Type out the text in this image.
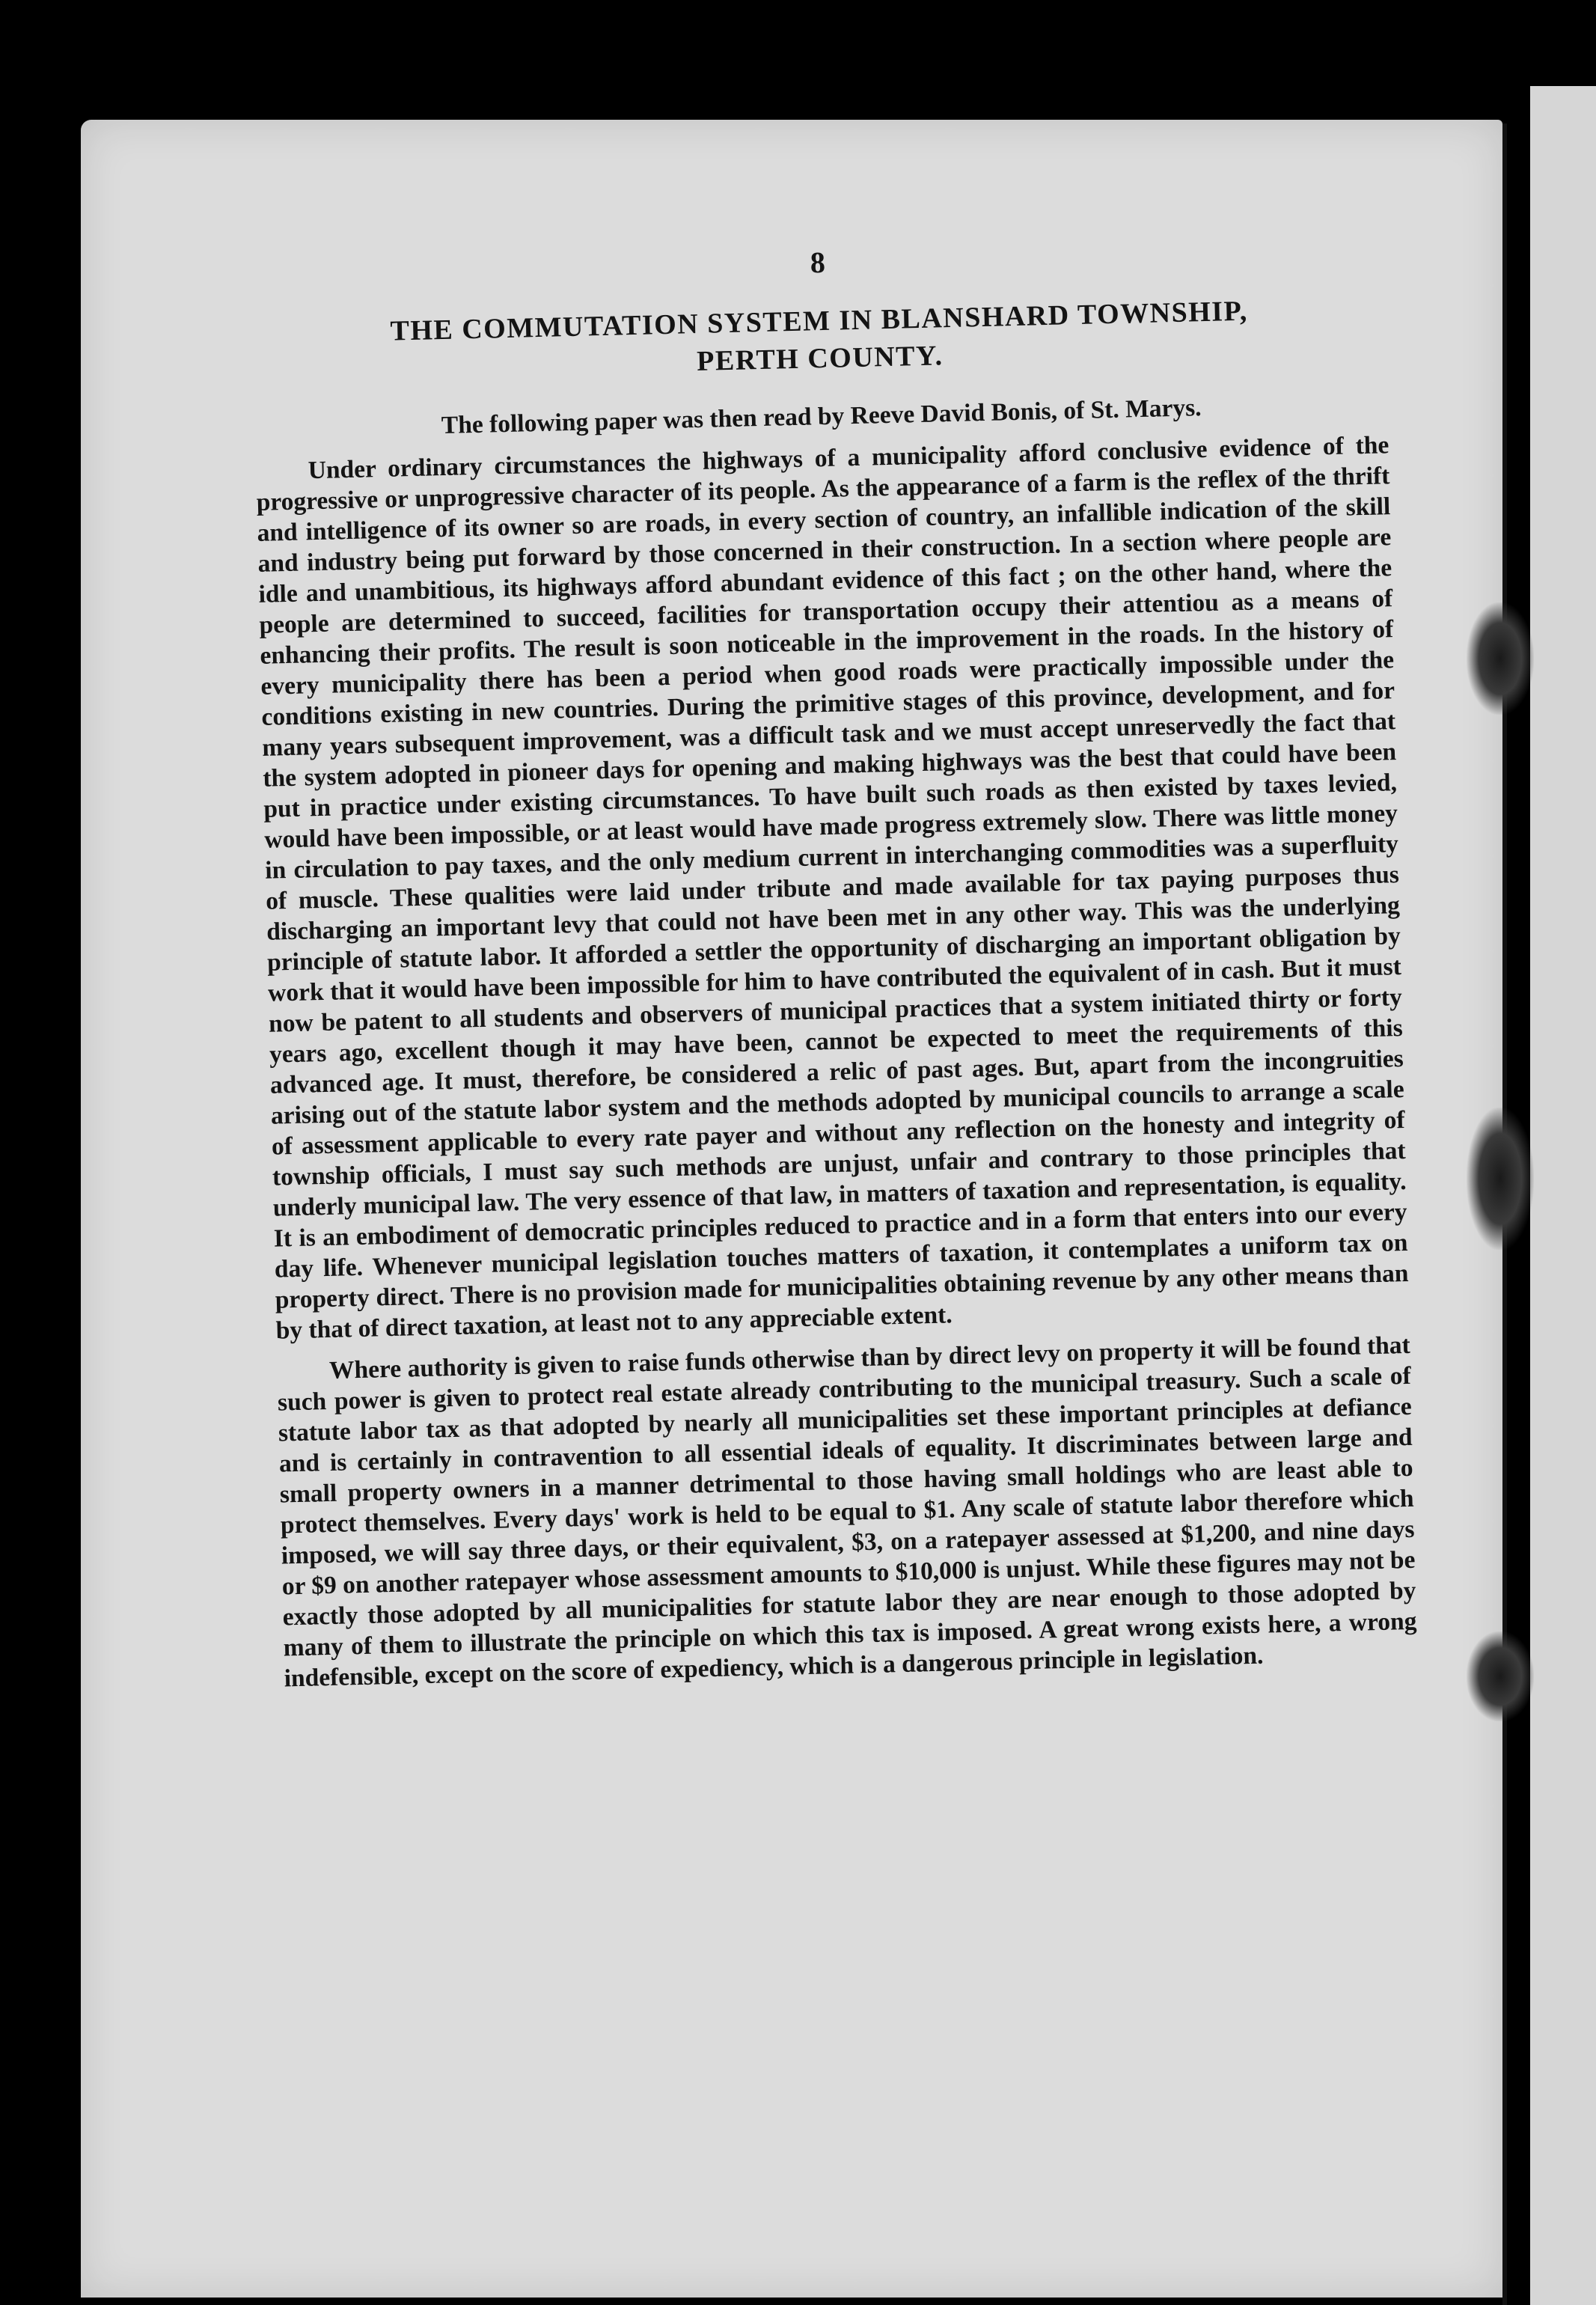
8

THE COMMUTATION SYSTEM IN BLANSHARD TOWNSHIP,

PERTH COUNTY.

The following paper was then read by Reeve David Bonis, of St. Marys.

Under ordinary circumstances the highways of a municipality afford conclusive evidence of the progressive or unprogressive character of its people. As the appearance of a farm is the reflex of the thrift and intelligence of its owner so are roads, in every section of country, an infallible indication of the skill and industry being put forward by those concerned in their construction. In a section where people are idle and unambitious, its highways afford abundant evidence of this fact ; on the other hand, where the people are determined to succeed, facilities for transportation occupy their attentiou as a means of enhancing their profits. The result is soon noticeable in the improvement in the roads. In the history of every municipality there has been a period when good roads were practically impossible under the conditions existing in new countries. During the primitive stages of this province, development, and for many years subsequent improvement, was a difficult task and we must accept unreservedly the fact that the system adopted in pioneer days for opening and making highways was the best that could have been put in practice under existing circumstances. To have built such roads as then existed by taxes levied, would have been impossible, or at least would have made progress extremely slow. There was little money in circulation to pay taxes, and the only medium current in interchanging commodities was a superfluity of muscle. These qualities were laid under tribute and made available for tax paying purposes thus discharging an important levy that could not have been met in any other way. This was the underlying principle of statute labor. It afforded a settler the opportunity of discharging an important obligation by work that it would have been impossible for him to have contributed the equivalent of in cash. But it must now be patent to all students and observers of municipal practices that a system initiated thirty or forty years ago, excellent though it may have been, cannot be expected to meet the requirements of this advanced age. It must, therefore, be considered a relic of past ages. But, apart from the incongruities arising out of the statute labor system and the methods adopted by municipal councils to arrange a scale of assessment applicable to every rate payer and without any reflection on the honesty and integrity of township officials, I must say such methods are unjust, unfair and contrary to those principles that underly municipal law. The very essence of that law, in matters of taxation and representation, is equality. It is an embodiment of democratic principles reduced to practice and in a form that enters into our every day life. Whenever municipal legislation touches matters of taxation, it contemplates a uniform tax on property direct. There is no provision made for municipalities obtaining revenue by any other means than by that of direct taxation, at least not to any appreciable extent.

Where authority is given to raise funds otherwise than by direct levy on property it will be found that such power is given to protect real estate already contributing to the municipal treasury. Such a scale of statute labor tax as that adopted by nearly all municipalities set these important principles at defiance and is certainly in contravention to all essential ideals of equality. It discriminates between large and small property owners in a manner detrimental to those having small holdings who are least able to protect themselves. Every days' work is held to be equal to $1. Any scale of statute labor therefore which imposed, we will say three days, or their equivalent, $3, on a ratepayer assessed at $1,200, and nine days or $9 on another ratepayer whose assessment amounts to $10,000 is unjust. While these figures may not be exactly those adopted by all municipalities for statute labor they are near enough to those adopted by many of them to illustrate the principle on which this tax is imposed. A great wrong exists here, a wrong indefensible, except on the score of expediency, which is a dangerous principle in legislation.
